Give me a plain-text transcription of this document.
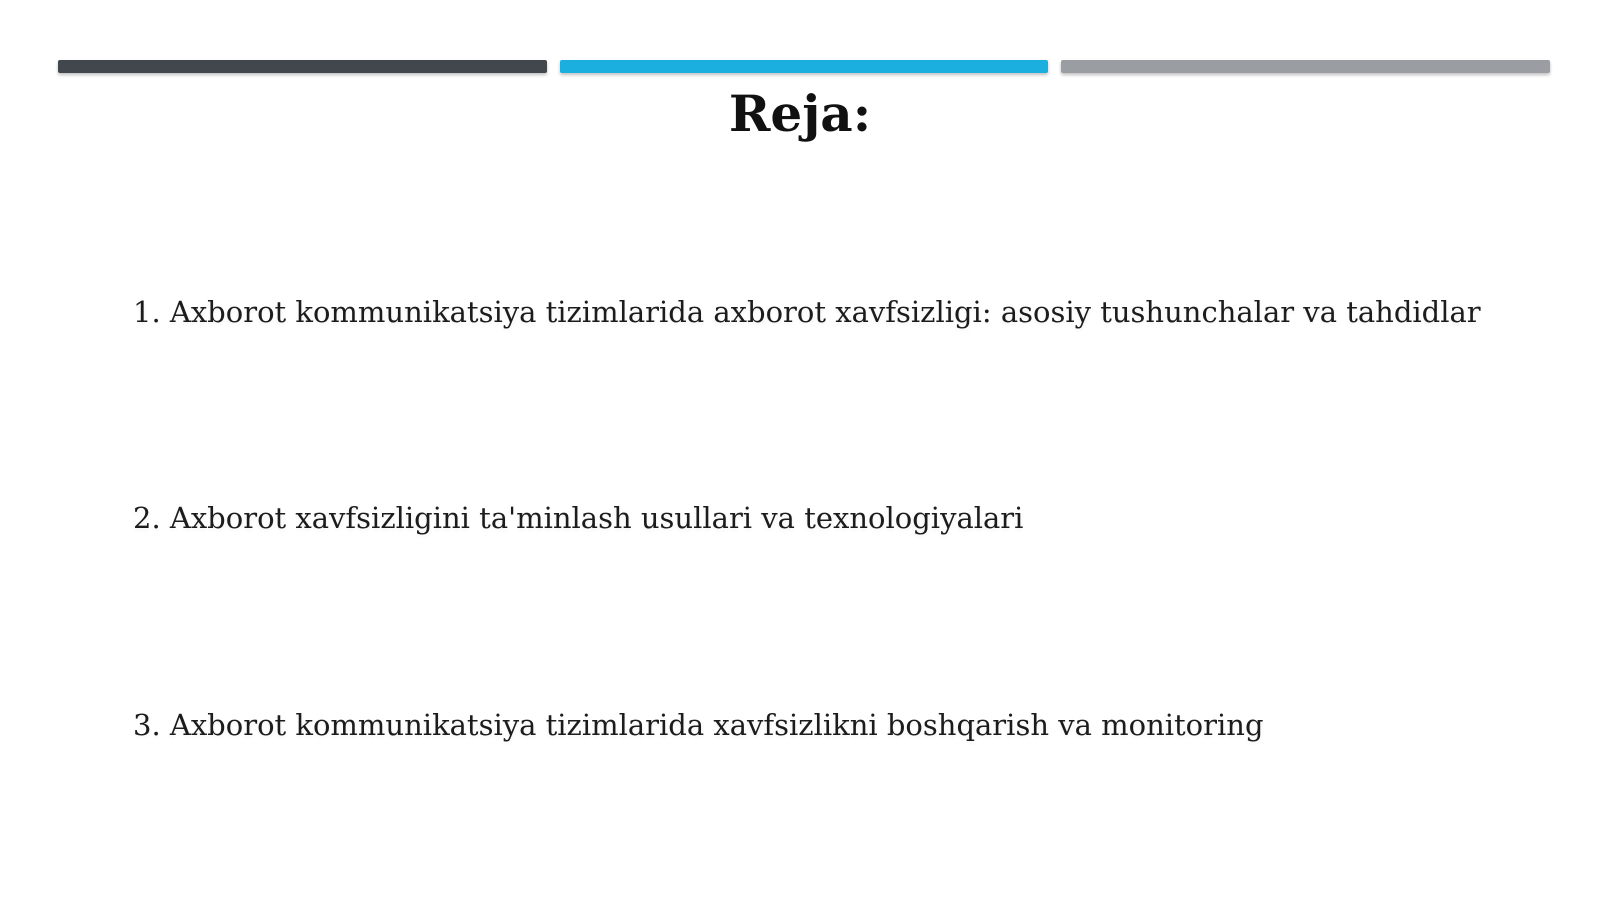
Reja:
1. Axborot kommunikatsiya tizimlarida axborot xavfsizligi: asosiy tushunchalar va tahdidlar
2. Axborot xavfsizligini ta'minlash usullari va texnologiyalari
3. Axborot kommunikatsiya tizimlarida xavfsizlikni boshqarish va monitoring
